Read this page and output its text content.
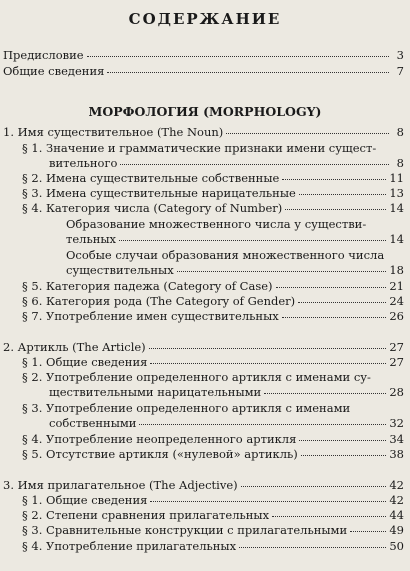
СОДЕРЖАНИЕ
Предисловие	3
Общие сведения	7
МОРФОЛОГИЯ (MORPHOLOGY)
1. Имя существительное (The Noun)	8
§ 1. Значение и грамматические признаки имени сущест-
вительного	8
§ 2. Имена существительные собственные	11
§ 3. Имена существительные нарицательные	13
§ 4. Категория числа (Category of Number)	14
Образование множественного числа у существи-
тельных	14
Особые случаи образования множественного числа
существительных	18
§ 5. Категория падежа (Category of Case)	21
§ 6. Категория рода (The Category of Gender)	24
§ 7. Употребление имен существительных	26
2. Артикль (The Article)	27
§ 1. Общие сведения	27
§ 2. Употребление определенного артикля с именами су-
ществительными нарицательными	28
§ 3. Употребление определенного артикля с именами
собственными	32
§ 4. Употребление неопределенного артикля	34
§ 5. Отсутствие артикля («нулевой» артикль)	38
3. Имя прилагательное (The Adjective)	42
§ 1. Общие сведения	42
§ 2. Степени сравнения прилагательных	44
§ 3. Сравнительные конструкции с прилагательными	49
§ 4. Употребление прилагательных	50
